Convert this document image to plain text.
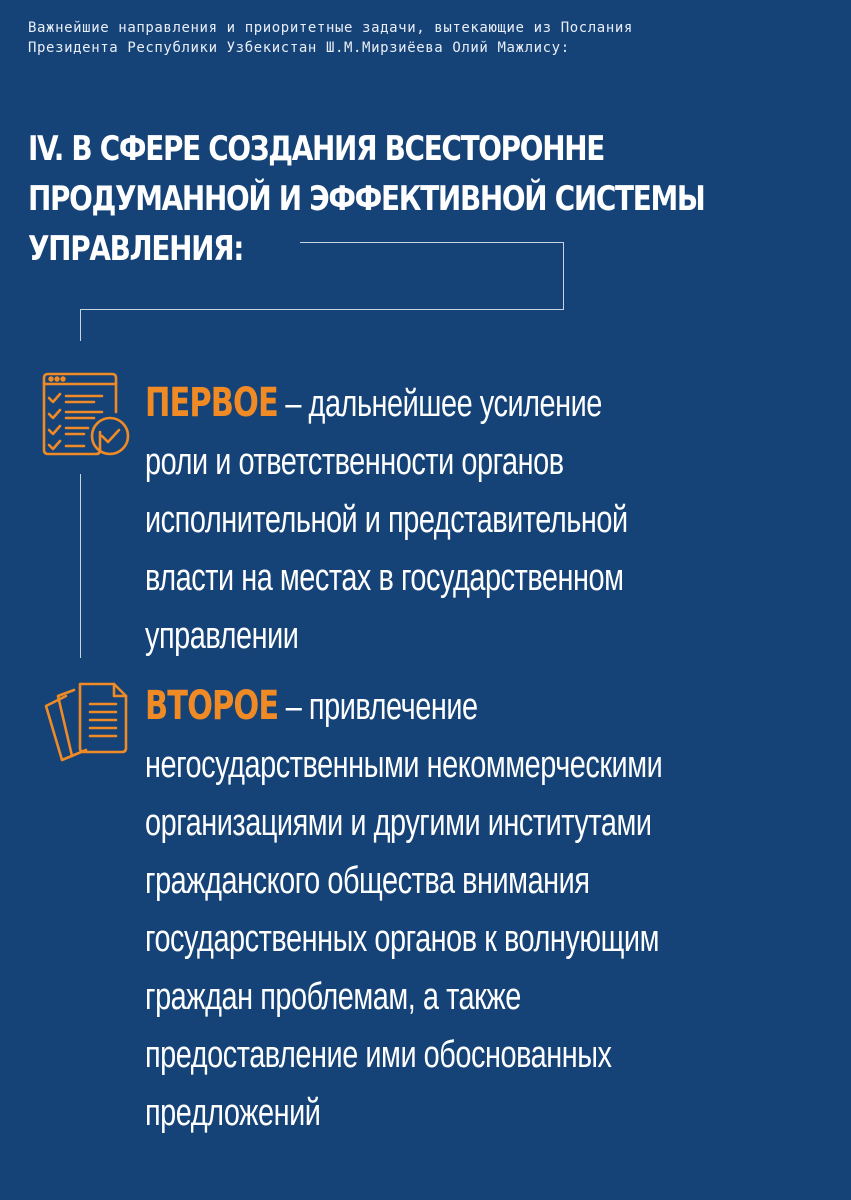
Важнейшие направления и приоритетные задачи, вытекающие из Послания
Президента Республики Узбекистан Ш.М.Мирзиёева Олий Мажлису:
IV. В СФЕРЕ СОЗДАНИЯ ВСЕСТОРОННЕ
ПРОДУМАННОЙ И ЭФФЕКТИВНОЙ СИСТЕМЫ
УПРАВЛЕНИЯ:
ПЕРВОЕ – дальнейшее усиление
роли и ответственности органов
исполнительной и представительной
власти на местах в государственном
управлении
ВТОРОЕ – привлечение
негосударственными некоммерческими
организациями и другими институтами
гражданского общества внимания
государственных органов к волнующим
граждан проблемам, а также
предоставление ими обоснованных
предложений
